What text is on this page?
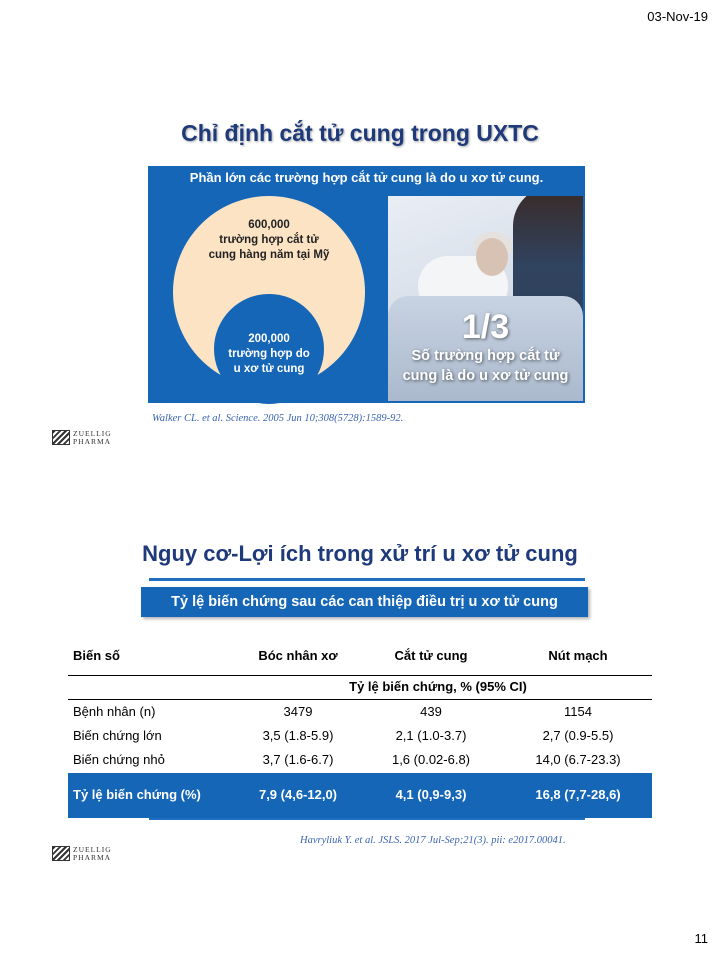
03-Nov-19
Chỉ định cắt tử cung trong UXTC
Phần lớn các trường hợp cắt tử cung là do u xơ tử cung.
600,000
trường hợp cắt tử
cung hàng năm tại Mỹ
200,000
trường hợp do
u xơ tử cung
1/3
Số trường hợp cắt tử
cung là do u xơ tử cung
Walker CL. et al. Science. 2005 Jun 10;308(5728):1589-92.
ZUELLIG
PHARMA
Nguy cơ-Lợi ích trong xử trí u xơ tử cung
Tỷ lệ biến chứng sau các can thiệp điều trị u xơ tử cung
Biến số	Bóc nhân xơ	Cắt tử cung	Nút mạch
Tỷ lệ biến chứng, % (95% CI)
Bệnh nhân (n)	3479	439	1154
Biến chứng lớn	3,5 (1.8-5.9)	2,1 (1.0-3.7)	2,7 (0.9-5.5)
Biến chứng nhỏ	3,7 (1.6-6.7)	1,6 (0.02-6.8)	14,0 (6.7-23.3)
Tỷ lệ biến chứng (%)	7,9 (4,6-12,0)	4,1 (0,9-9,3)	16,8 (7,7-28,6)
Havryliuk Y. et al. JSLS. 2017 Jul-Sep;21(3). pii: e2017.00041.
ZUELLIG
PHARMA
11
